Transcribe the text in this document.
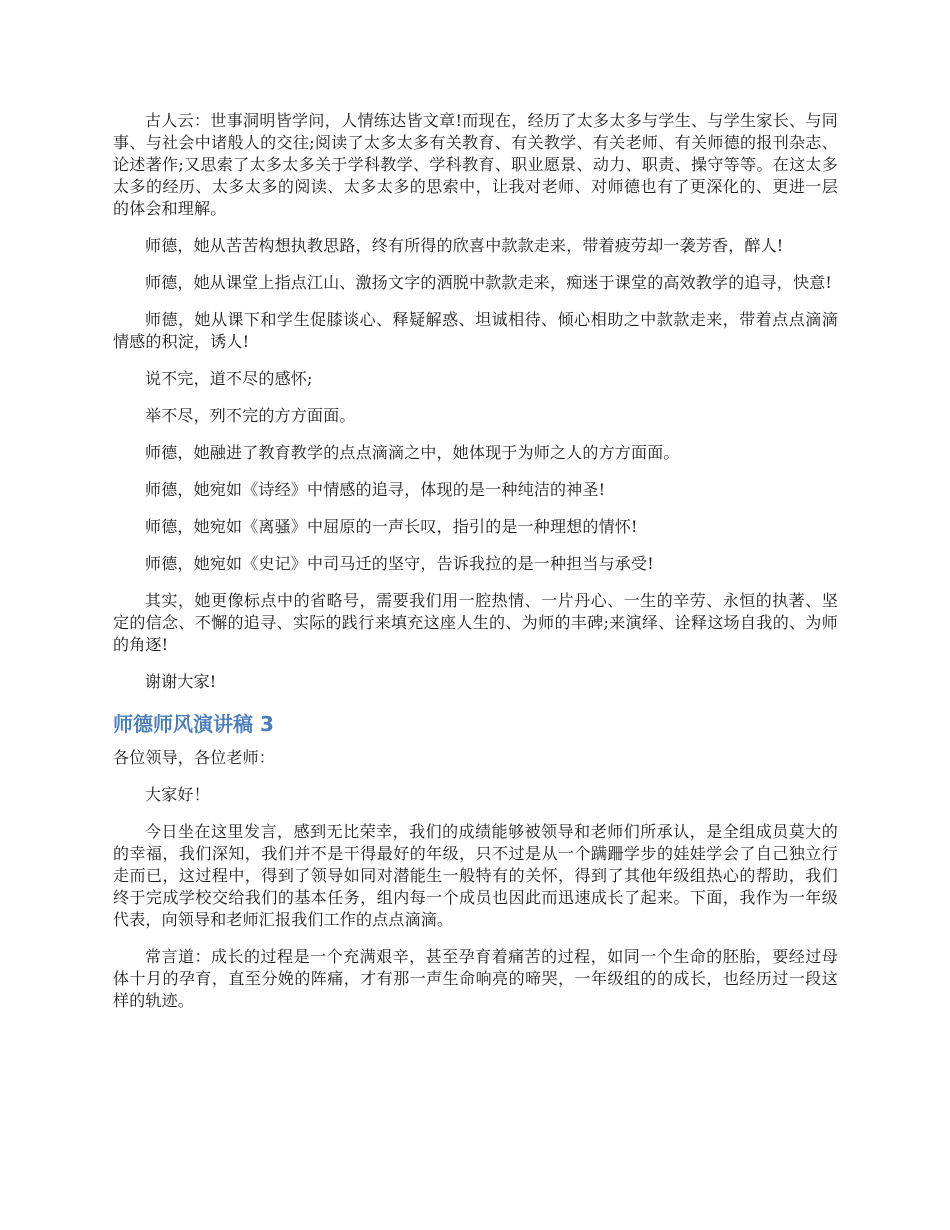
古人云：世事洞明皆学问，人情练达皆文章!而现在，经历了太多太多与学生、与学生家长、与同事、与社会中诸般人的交往;阅读了太多太多有关教育、有关教学、有关老师、有关师德的报刊杂志、论述著作;又思索了太多太多关于学科教学、学科教育、职业愿景、动力、职责、操守等等。在这太多太多的经历、太多太多的阅读、太多太多的思索中，让我对老师、对师德也有了更深化的、更进一层的体会和理解。

师德，她从苦苦构想执教思路，终有所得的欣喜中款款走来，带着疲劳却一袭芳香，醉人!

师德，她从课堂上指点江山、激扬文字的洒脱中款款走来，痴迷于课堂的高效教学的追寻，快意!

师德，她从课下和学生促膝谈心、释疑解惑、坦诚相待、倾心相助之中款款走来，带着点点滴滴情感的积淀，诱人!

说不完，道不尽的感怀;

举不尽，列不完的方方面面。

师德，她融进了教育教学的点点滴滴之中，她体现于为师之人的方方面面。

师德，她宛如《诗经》中情感的追寻，体现的是一种纯洁的神圣!

师德，她宛如《离骚》中屈原的一声长叹，指引的是一种理想的情怀!

师德，她宛如《史记》中司马迁的坚守，告诉我拉的是一种担当与承受!

其实，她更像标点中的省略号，需要我们用一腔热情、一片丹心、一生的辛劳、永恒的执著、坚定的信念、不懈的追寻、实际的践行来填充这座人生的、为师的丰碑;来演绎、诠释这场自我的、为师的角逐!

谢谢大家!

师德师风演讲稿 3

各位领导，各位老师：

大家好！

今日坐在这里发言，感到无比荣幸，我们的成绩能够被领导和老师们所承认，是全组成员莫大的的幸福，我们深知，我们并不是干得最好的年级，只不过是从一个蹒跚学步的娃娃学会了自己独立行走而已，这过程中，得到了领导如同对潜能生一般特有的关怀，得到了其他年级组热心的帮助，我们终于完成学校交给我们的基本任务，组内每一个成员也因此而迅速成长了起来。下面，我作为一年级代表，向领导和老师汇报我们工作的点点滴滴。

常言道：成长的过程是一个充满艰辛，甚至孕育着痛苦的过程，如同一个生命的胚胎，要经过母体十月的孕育，直至分娩的阵痛，才有那一声生命响亮的啼哭，一年级组的的成长，也经历过一段这样的轨迹。
